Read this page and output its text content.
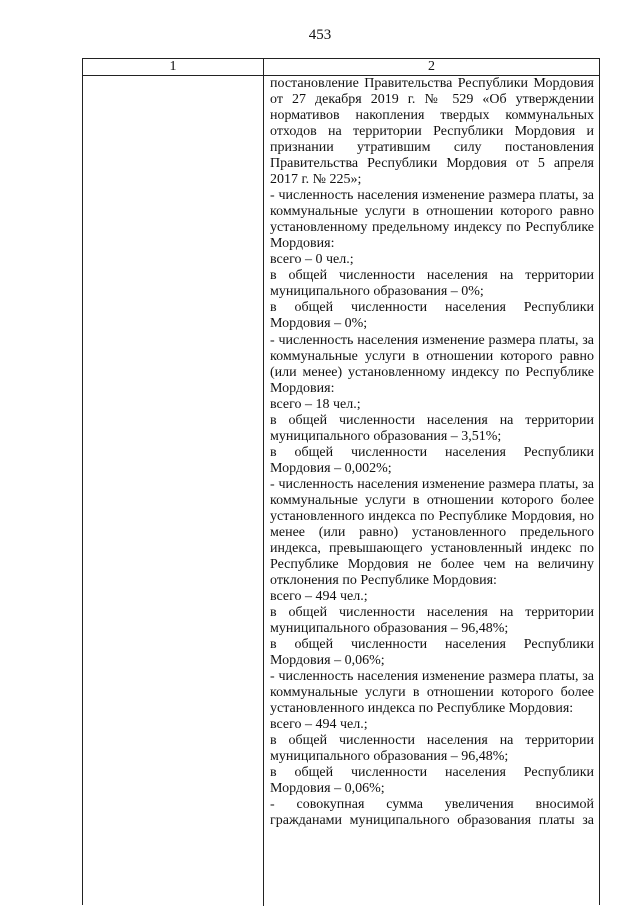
453
1	2
постановление Правительства Республики Мордовия
от 27 декабря 2019 г. № 529 «Об утверждении
нормативов накопления твердых коммунальных
отходов на территории Республики Мордовия и
признании утратившим силу постановления
Правительства Республики Мордовия от 5 апреля
2017 г. № 225»;
- численность населения изменение размера платы, за
коммунальные услуги в отношении которого равно
установленному предельному индексу по Республике
Мордовия:
всего – 0 чел.;
в общей численности населения на территории
муниципального образования – 0%;
в общей численности населения Республики
Мордовия – 0%;
- численность населения изменение размера платы, за
коммунальные услуги в отношении которого равно
(или менее) установленному индексу по Республике
Мордовия:
всего – 18 чел.;
в общей численности населения на территории
муниципального образования – 3,51%;
в общей численности населения Республики
Мордовия – 0,002%;
- численность населения изменение размера платы, за
коммунальные услуги в отношении которого более
установленного индекса по Республике Мордовия, но
менее (или равно) установленного предельного
индекса, превышающего установленный индекс по
Республике Мордовия не более чем на величину
отклонения по Республике Мордовия:
всего – 494 чел.;
в общей численности населения на территории
муниципального образования – 96,48%;
в общей численности населения Республики
Мордовия – 0,06%;
- численность населения изменение размера платы, за
коммунальные услуги в отношении которого более
установленного индекса по Республике Мордовия:
всего – 494 чел.;
в общей численности населения на территории
муниципального образования – 96,48%;
в общей численности населения Республики
Мордовия – 0,06%;
- совокупная сумма увеличения вносимой
гражданами муниципального образования платы за
